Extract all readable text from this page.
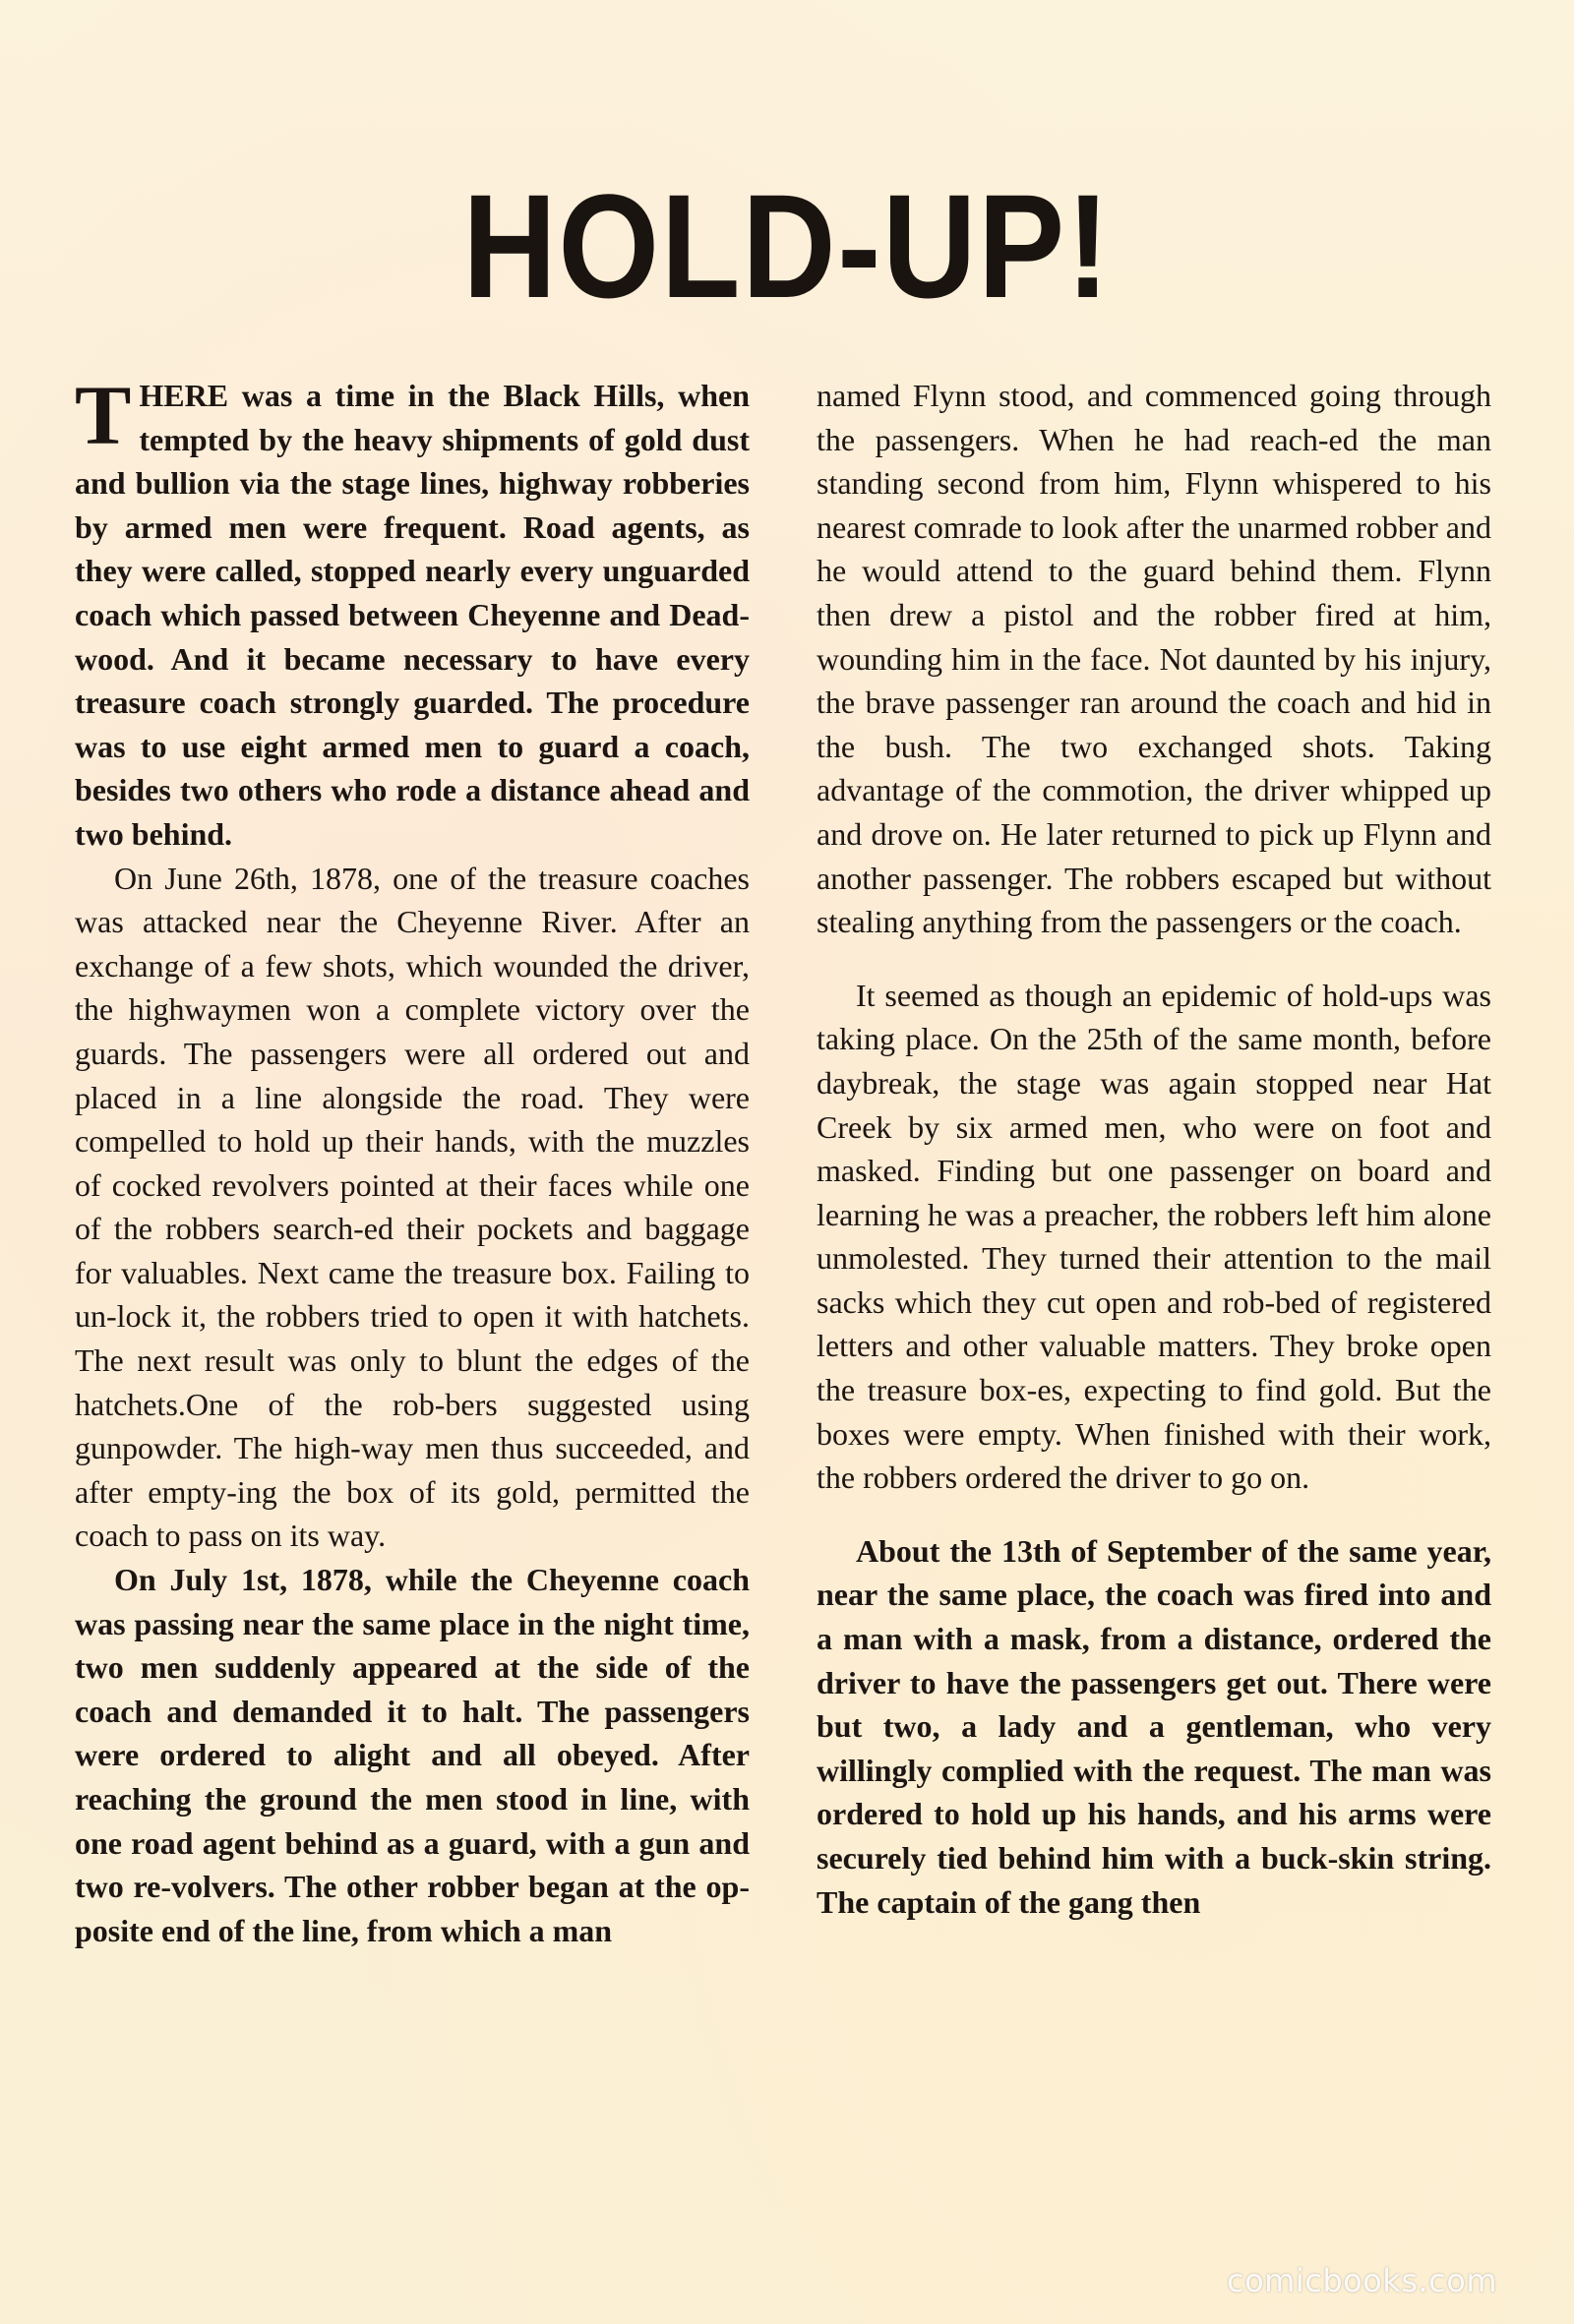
HOLD-UP!

THERE was a time in the Black Hills, when tempted by the heavy shipments of gold dust and bullion via the stage lines, highway robberies by armed men were frequent. Road agents, as they were called, stopped nearly every unguarded coach which passed between Cheyenne and Dead-wood. And it became necessary to have every treasure coach strongly guarded. The procedure was to use eight armed men to guard a coach, besides two others who rode a distance ahead and two behind.

On June 26th, 1878, one of the treasure coaches was attacked near the Cheyenne River. After an exchange of a few shots, which wounded the driver, the highwaymen won a complete victory over the guards. The passengers were all ordered out and placed in a line alongside the road. They were compelled to hold up their hands, with the muzzles of cocked revolvers pointed at their faces while one of the robbers search-ed their pockets and baggage for valuables. Next came the treasure box. Failing to un-lock it, the robbers tried to open it with hatchets. The next result was only to blunt the edges of the hatchets.One of the rob-bers suggested using gunpowder. The high-way men thus succeeded, and after empty-ing the box of its gold, permitted the coach to pass on its way.

On July 1st, 1878, while the Cheyenne coach was passing near the same place in the night time, two men suddenly appeared at the side of the coach and demanded it to halt. The passengers were ordered to alight and all obeyed. After reaching the ground the men stood in line, with one road agent behind as a guard, with a gun and two re-volvers. The other robber began at the op-posite end of the line, from which a man

named Flynn stood, and commenced going through the passengers. When he had reach-ed the man standing second from him, Flynn whispered to his nearest comrade to look after the unarmed robber and he would attend to the guard behind them. Flynn then drew a pistol and the robber fired at him, wounding him in the face. Not daunted by his injury, the brave passenger ran around the coach and hid in the bush. The two exchanged shots. Taking advantage of the commotion, the driver whipped up and drove on. He later returned to pick up Flynn and another passenger. The robbers escaped but without stealing anything from the passengers or the coach.

It seemed as though an epidemic of hold-ups was taking place. On the 25th of the same month, before daybreak, the stage was again stopped near Hat Creek by six armed men, who were on foot and masked. Finding but one passenger on board and learning he was a preacher, the robbers left him alone unmolested. They turned their attention to the mail sacks which they cut open and rob-bed of registered letters and other valuable matters. They broke open the treasure box-es, expecting to find gold. But the boxes were empty. When finished with their work, the robbers ordered the driver to go on.

About the 13th of September of the same year, near the same place, the coach was fired into and a man with a mask, from a distance, ordered the driver to have the passengers get out. There were but two, a lady and a gentleman, who very willingly complied with the request. The man was ordered to hold up his hands, and his arms were securely tied behind him with a buck-skin string. The captain of the gang then

comicbooks.com
